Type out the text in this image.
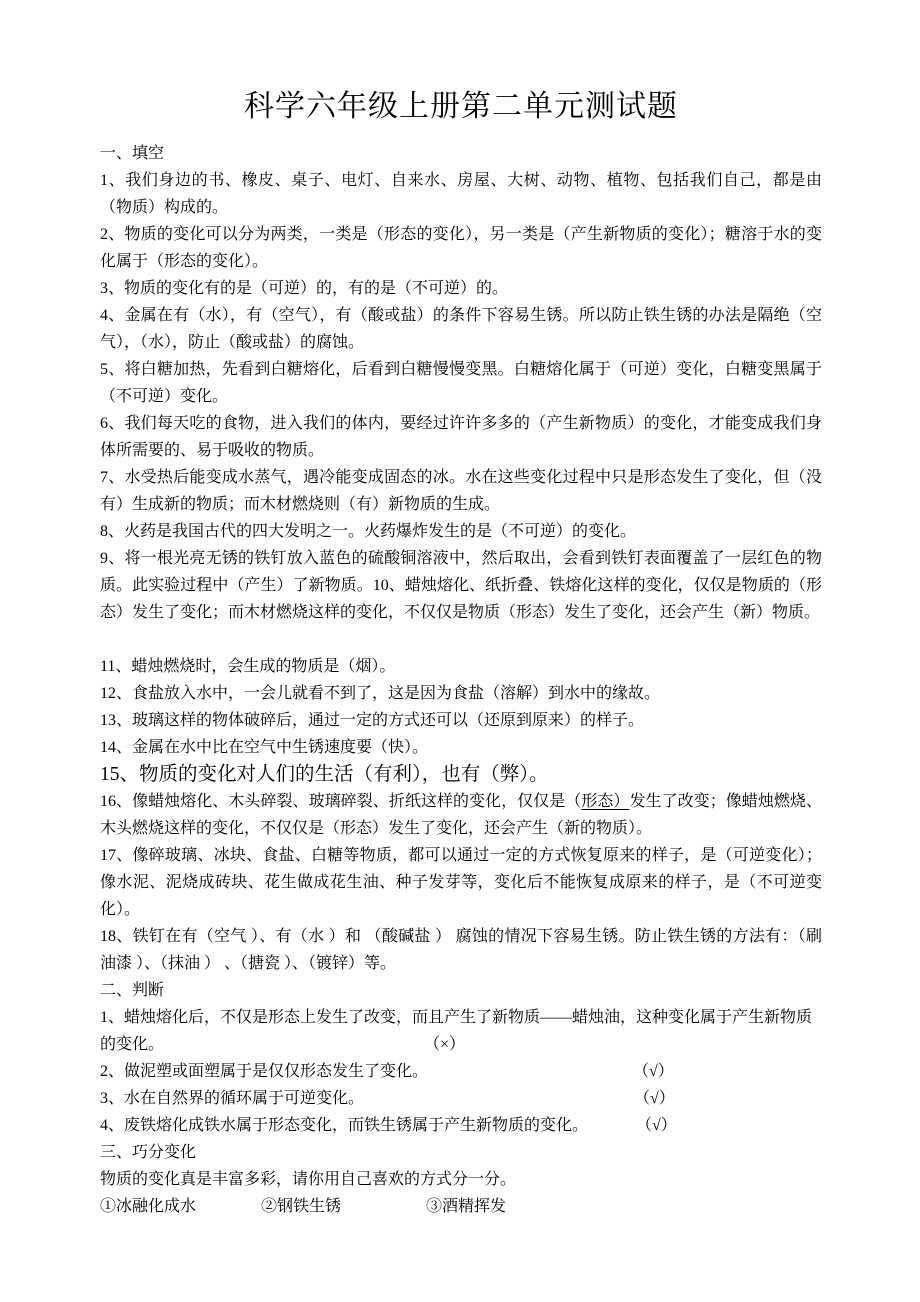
科学六年级上册第二单元测试题

一、填空

1、我们身边的书、橡皮、桌子、电灯、自来水、房屋、大树、动物、植物、包括我们自己，都是由（物质）构成的。

2、物质的变化可以分为两类，一类是（形态的变化），另一类是（产生新物质的变化）；糖溶于水的变化属于（形态的变化）。

3、物质的变化有的是（可逆）的，有的是（不可逆）的。

4、金属在有（水），有（空气），有（酸或盐）的条件下容易生锈。所以防止铁生锈的办法是隔绝（空气），（水），防止（酸或盐）的腐蚀。

5、将白糖加热，先看到白糖熔化，后看到白糖慢慢变黑。白糖熔化属于（可逆）变化，白糖变黑属于（不可逆）变化。

6、我们每天吃的食物，进入我们的体内，要经过许许多多的（产生新物质）的变化，才能变成我们身体所需要的、易于吸收的物质。

7、水受热后能变成水蒸气，遇冷能变成固态的冰。水在这些变化过程中只是形态发生了变化，但（没有）生成新的物质；而木材燃烧则（有）新物质的生成。

8、火药是我国古代的四大发明之一。火药爆炸发生的是（不可逆）的变化。

9、将一根光亮无锈的铁钉放入蓝色的硫酸铜溶液中，然后取出，会看到铁钉表面覆盖了一层红色的物质。此实验过程中（产生）了新物质。10、蜡烛熔化、纸折叠、铁熔化这样的变化，仅仅是物质的（形态）发生了变化；而木材燃烧这样的变化，不仅仅是物质（形态）发生了变化，还会产生（新）物质。

11、蜡烛燃烧时，会生成的物质是（烟）。

12、食盐放入水中，一会儿就看不到了，这是因为食盐（溶解）到水中的缘故。

13、玻璃这样的物体破碎后，通过一定的方式还可以（还原到原来）的样子。

14、金属在水中比在空气中生锈速度要（快）。

15、物质的变化对人们的生活（有利），也有（弊）。

16、像蜡烛熔化、木头碎裂、玻璃碎裂、折纸这样的变化，仅仅是（形态）发生了改变；像蜡烛燃烧、木头燃烧这样的变化，不仅仅是（形态）发生了变化，还会产生（新的物质）。

17、像碎玻璃、冰块、食盐、白糖等物质，都可以通过一定的方式恢复原来的样子，是（可逆变化）；像水泥、泥烧成砖块、花生做成花生油、种子发芽等，变化后不能恢复成原来的样子，是（不可逆变化）。

18、铁钉在有（空气 ）、有（水 ）和 （酸碱盐 ） 腐蚀的情况下容易生锈。防止铁生锈的方法有：（刷油漆 ）、（抹油 ） 、（搪瓷 ）、（镀锌）等。

二、判断

1、蜡烛熔化后，不仅是形态上发生了改变，而且产生了新物质——蜡烛油，这种变化属于产生新物质的变化。	（×）

2、做泥塑或面塑属于是仅仅形态发生了变化。	（√）

3、水在自然界的循环属于可逆变化。	（√）

4、废铁熔化成铁水属于形态变化，而铁生锈属于产生新物质的变化。	（√）

三、巧分变化

物质的变化真是丰富多彩，请你用自己喜欢的方式分一分。

①冰融化成水	②钢铁生锈	③酒精挥发
